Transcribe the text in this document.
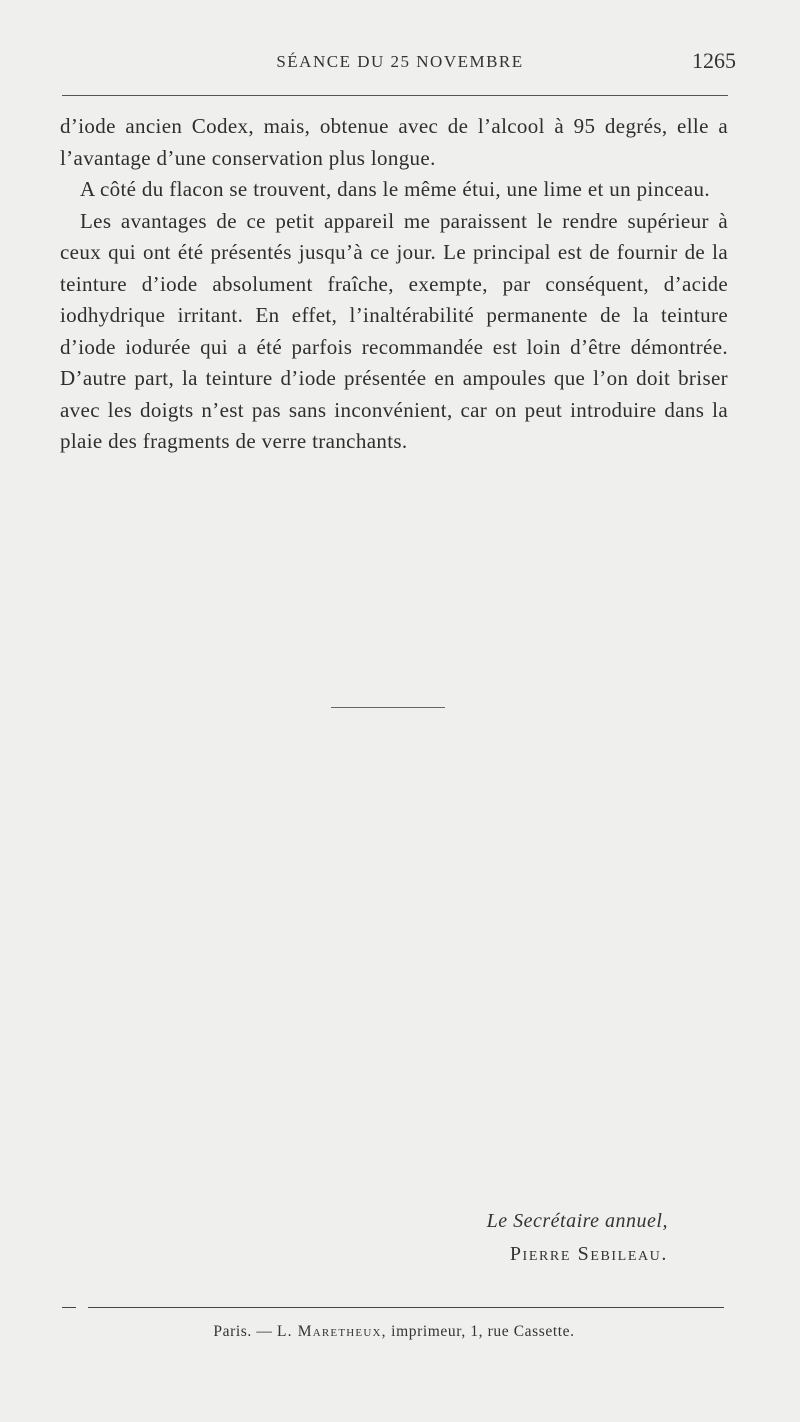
SÉANCE DU 25 NOVEMBRE	1265

d’iode ancien Codex, mais, obtenue avec de l’alcool à 95 degrés, elle a l’avantage d’une conservation plus longue.

A côté du flacon se trouvent, dans le même étui, une lime et un pinceau.

Les avantages de ce petit appareil me paraissent le rendre supérieur à ceux qui ont été présentés jusqu’à ce jour. Le principal est de fournir de la teinture d’iode absolument fraîche, exempte, par conséquent, d’acide iodhydrique irritant. En effet, l’inaltérabilité permanente de la teinture d’iode iodurée qui a été parfois recommandée est loin d’être démontrée. D’autre part, la teinture d’iode présentée en ampoules que l’on doit briser avec les doigts n’est pas sans inconvénient, car on peut introduire dans la plaie des fragments de verre tranchants.

Le Secrétaire annuel,
Pierre Sebileau.
Paris. — L. Maretheux, imprimeur, 1, rue Cassette.
